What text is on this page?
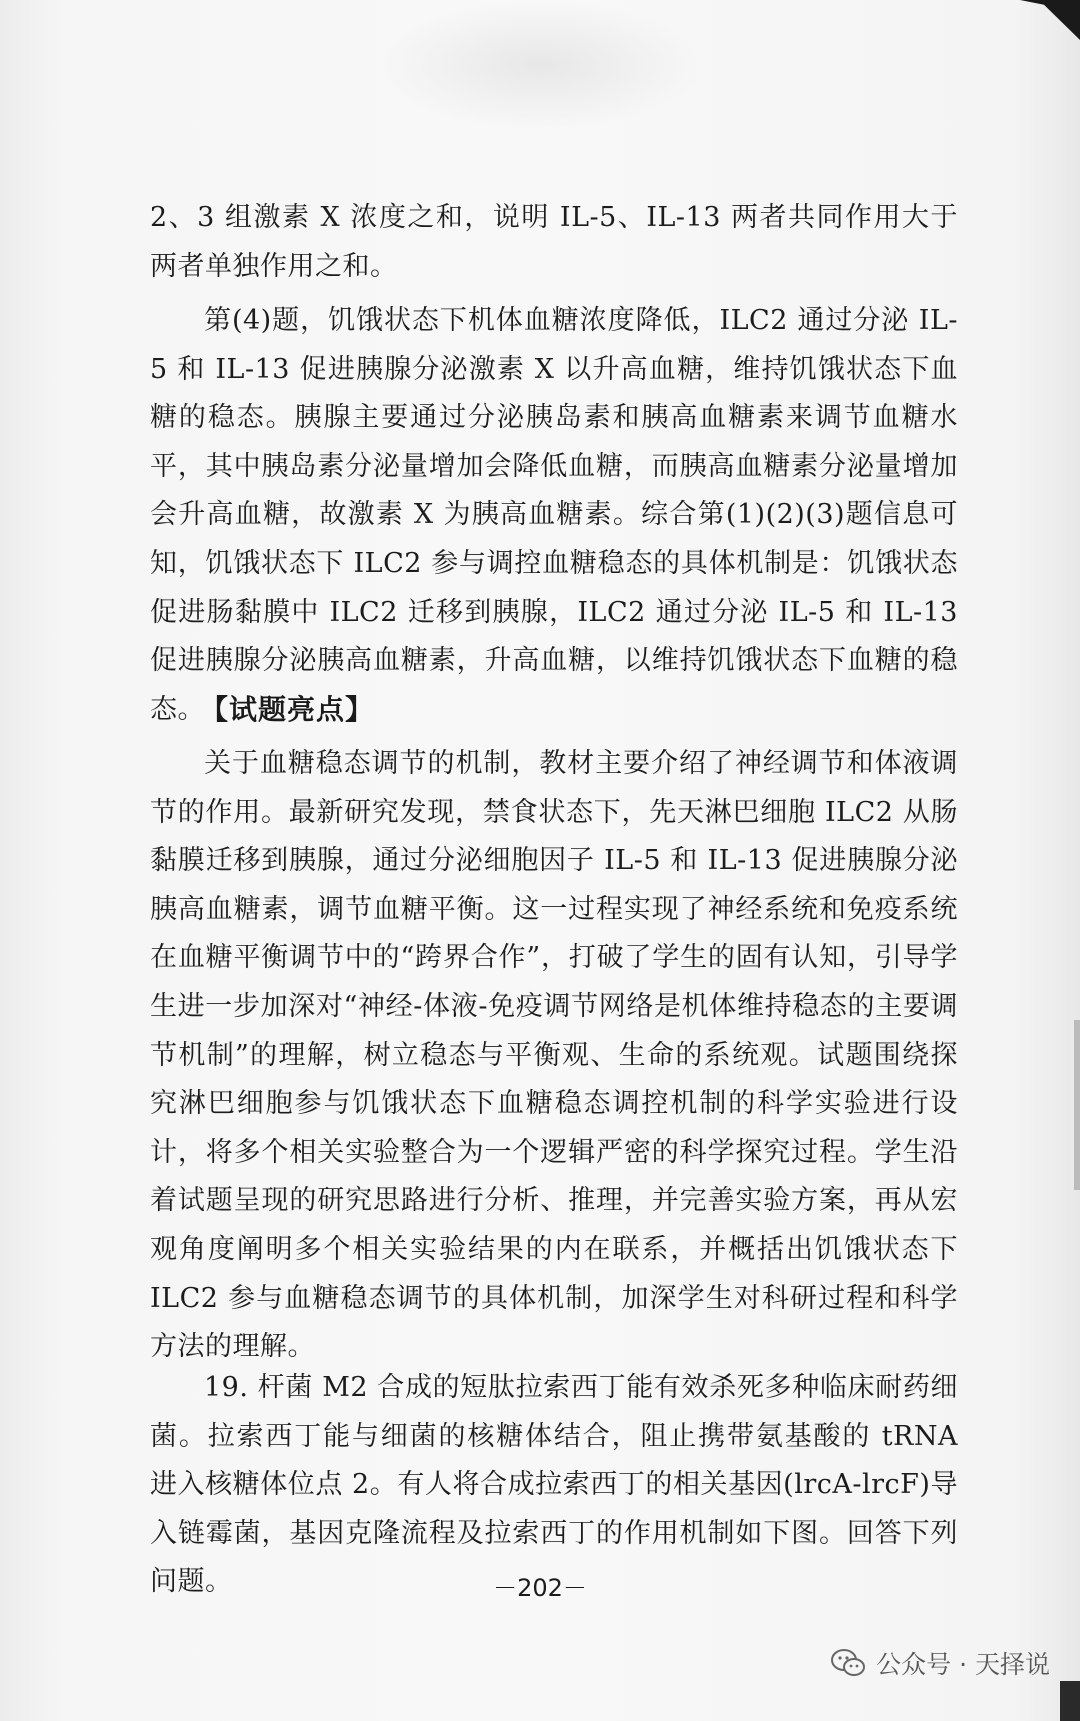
2、3 组激素 X 浓度之和，说明 IL-5、IL-13 两者共同作用大于两者单独作用之和。

第(4)题，饥饿状态下机体血糖浓度降低，ILC2 通过分泌 IL-5 和 IL-13 促进胰腺分泌激素 X 以升高血糖，维持饥饿状态下血糖的稳态。胰腺主要通过分泌胰岛素和胰高血糖素来调节血糖水平，其中胰岛素分泌量增加会降低血糖，而胰高血糖素分泌量增加会升高血糖，故激素 X 为胰高血糖素。综合第(1)(2)(3)题信息可知，饥饿状态下 ILC2 参与调控血糖稳态的具体机制是：饥饿状态促进肠黏膜中 ILC2 迁移到胰腺，ILC2 通过分泌 IL-5 和 IL-13 促进胰腺分泌胰高血糖素，升高血糖，以维持饥饿状态下血糖的稳态。

【试题亮点】

关于血糖稳态调节的机制，教材主要介绍了神经调节和体液调节的作用。最新研究发现，禁食状态下，先天淋巴细胞 ILC2 从肠黏膜迁移到胰腺，通过分泌细胞因子 IL-5 和 IL-13 促进胰腺分泌胰高血糖素，调节血糖平衡。这一过程实现了神经系统和免疫系统在血糖平衡调节中的“跨界合作”，打破了学生的固有认知，引导学生进一步加深对“神经-体液-免疫调节网络是机体维持稳态的主要调节机制”的理解，树立稳态与平衡观、生命的系统观。试题围绕探究淋巴细胞参与饥饿状态下血糖稳态调控机制的科学实验进行设计，将多个相关实验整合为一个逻辑严密的科学探究过程。学生沿着试题呈现的研究思路进行分析、推理，并完善实验方案，再从宏观角度阐明多个相关实验结果的内在联系，并概括出饥饿状态下 ILC2 参与血糖稳态调节的具体机制，加深学生对科研过程和科学方法的理解。

19. 杆菌 M2 合成的短肽拉索西丁能有效杀死多种临床耐药细菌。拉索西丁能与细菌的核糖体结合，阻止携带氨基酸的 tRNA 进入核糖体位点 2。有人将合成拉索西丁的相关基因(lrcA-lrcF)导入链霉菌，基因克隆流程及拉索西丁的作用机制如下图。回答下列问题。	－202－
公众号 · 天择说
